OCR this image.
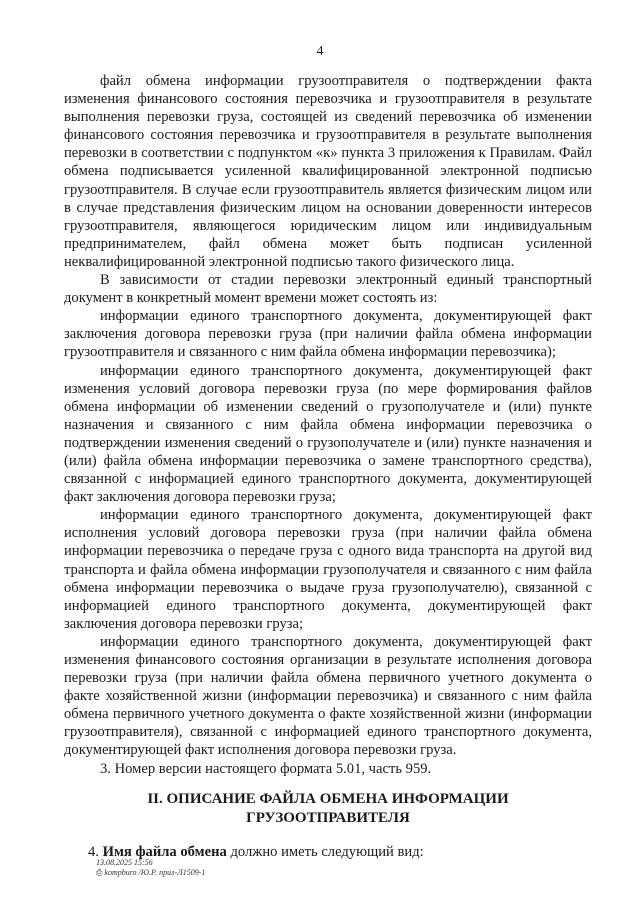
4

файл обмена информации грузоотправителя о подтверждении факта изменения финансового состояния перевозчика и грузоотправителя в результате выполнения перевозки груза, состоящей из сведений перевозчика об изменении финансового состояния перевозчика и грузоотправителя в результате выполнения перевозки в соответствии с подпунктом «к» пункта 3 приложения к Правилам. Файл обмена подписывается усиленной квалифицированной электронной подписью грузоотправителя. В случае если грузоотправитель является физическим лицом или в случае представления физическим лицом на основании доверенности интересов грузоотправителя, являющегося юридическим лицом или индивидуальным предпринимателем, файл обмена может быть подписан усиленной неквалифицированной электронной подписью такого физического лица.

В зависимости от стадии перевозки электронный единый транспортный документ в конкретный момент времени может состоять из:

информации единого транспортного документа, документирующей факт заключения договора перевозки груза (при наличии файла обмена информации грузоотправителя и связанного с ним файла обмена информации перевозчика);

информации единого транспортного документа, документирующей факт изменения условий договора перевозки груза (по мере формирования файлов обмена информации об изменении сведений о грузополучателе и (или) пункте назначения и связанного с ним файла обмена информации перевозчика о подтверждении изменения сведений о грузополучателе и (или) пункте назначения и (или) файла обмена информации перевозчика о замене транспортного средства), связанной с информацией единого транспортного документа, документирующей факт заключения договора перевозки груза;

информации единого транспортного документа, документирующей факт исполнения условий договора перевозки груза (при наличии файла обмена информации перевозчика о передаче груза с одного вида транспорта на другой вид транспорта и файла обмена информации грузополучателя и связанного с ним файла обмена информации перевозчика о выдаче груза грузополучателю), связанной с информацией единого транспортного документа, документирующей факт заключения договора перевозки груза;

информации единого транспортного документа, документирующей факт изменения финансового состояния организации в результате исполнения договора перевозки груза (при наличии файла обмена первичного учетного документа о факте хозяйственной жизни (информации перевозчика) и связанного с ним файла обмена первичного учетного документа о факте хозяйственной жизни (информации грузоотправителя), связанной с информацией единого транспортного документа, документирующей факт исполнения договора перевозки груза.

3. Номер версии настоящего формата 5.01, часть 959.

II. ОПИСАНИЕ ФАЙЛА ОБМЕНА ИНФОРМАЦИИ
ГРУЗООТПРАВИТЕЛЯ
4. Имя файла обмена должно иметь следующий вид:
13.08.2025 15:56
⎙ kompburo /Ю.Р. прил-Л1509-1
